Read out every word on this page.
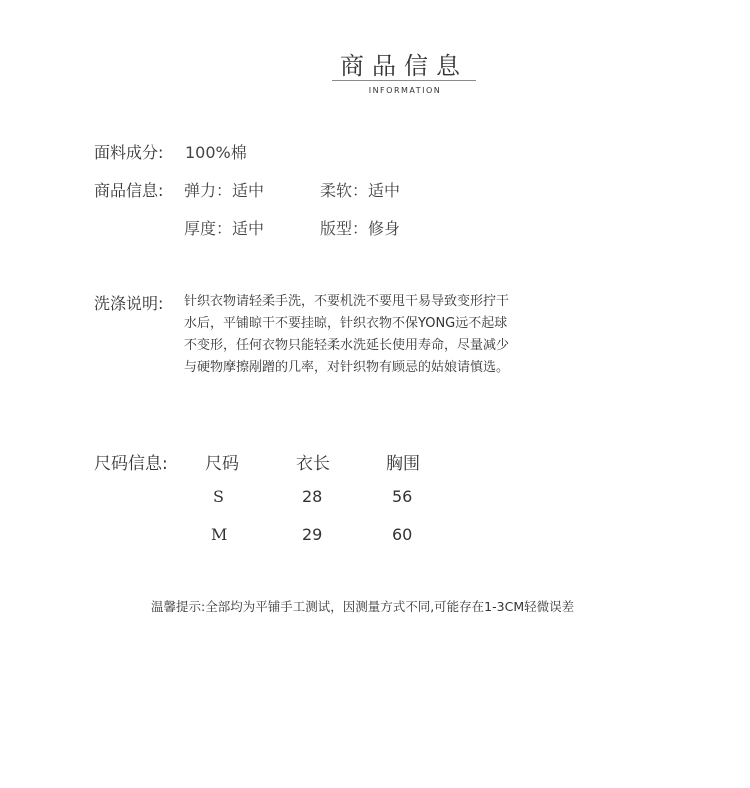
商品信息
INFORMATION
面料成分: 100%棉
商品信息: 弹力：适中	柔软：适中
厚度：适中	版型：修身
洗涤说明: 针织衣物请轻柔手洗，不要机洗不要甩干易导致变形拧干水后，平铺晾干不要挂晾，针织衣物不保YONG远不起球不变形，任何衣物只能轻柔水洗延长使用寿命，尽量减少与硬物摩擦剐蹭的几率，对针织物有顾忌的姑娘请慎选。
尺码信息: 尺码	衣长	胸围
S	28	56
M	29	60
温馨提示:全部均为平铺手工测试，因测量方式不同,可能存在1-3CM轻微误差
